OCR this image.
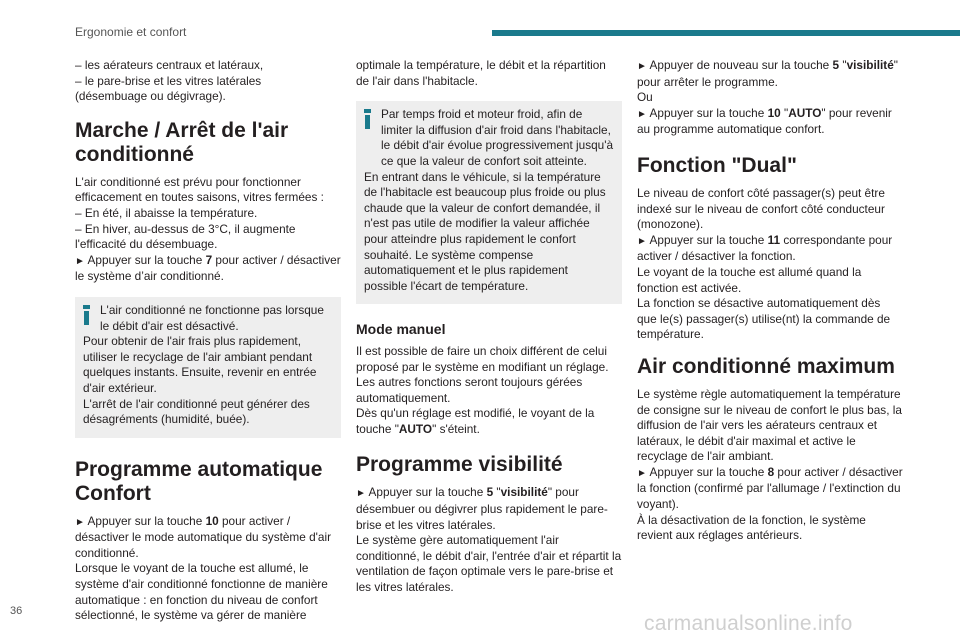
Ergonomie et confort

– les aérateurs centraux et latéraux,

– le pare-brise et les vitres latérales

(désembuage ou dégivrage).

Marche / Arrêt de l'air conditionné

L'air conditionné est prévu pour fonctionner efficacement en toutes saisons, vitres fermées :

– En été, il abaisse la température.

– En hiver, au-dessus de 3°C, il augmente l'efficacité du désembuage.

► Appuyer sur la touche 7 pour activer / désactiver le système d’air conditionné.

L'air conditionné ne fonctionne pas lorsque le débit d'air est désactivé.

Pour obtenir de l'air frais plus rapidement, utiliser le recyclage de l'air ambiant pendant quelques instants. Ensuite, revenir en entrée d'air extérieur.

L'arrêt de l'air conditionné peut générer des désagréments (humidité, buée).

Programme automatique Confort

► Appuyer sur la touche 10 pour activer / désactiver le mode automatique du système d'air conditionné.

Lorsque le voyant de la touche est allumé, le système d'air conditionné fonctionne de manière automatique : en fonction du niveau de confort sélectionné, le système va gérer de manière

optimale la température, le débit et la répartition de l'air dans l'habitacle.

Par temps froid et moteur froid, afin de limiter la diffusion d'air froid dans l'habitacle, le débit d'air évolue progressivement jusqu'à ce que la valeur de confort soit atteinte.

En entrant dans le véhicule, si la température de l'habitacle est beaucoup plus froide ou plus chaude que la valeur de confort demandée, il n'est pas utile de modifier la valeur affichée pour atteindre plus rapidement le confort souhaité. Le système compense automatiquement et le plus rapidement possible l'écart de température.

Mode manuel

Il est possible de faire un choix différent de celui proposé par le système en modifiant un réglage. Les autres fonctions seront toujours gérées automatiquement.

Dès qu'un réglage est modifié, le voyant de la touche "AUTO" s'éteint.

Programme visibilité

► Appuyer sur la touche 5 "visibilité" pour désembuer ou dégivrer plus rapidement le pare-brise et les vitres latérales.

Le système gère automatiquement l'air conditionné, le débit d'air, l'entrée d'air et répartit la ventilation de façon optimale vers le pare-brise et les vitres latérales.

► Appuyer de nouveau sur la touche 5 "visibilité" pour arrêter le programme.

Ou

► Appuyer sur la touche 10 "AUTO" pour revenir au programme automatique confort.

Fonction "Dual"

Le niveau de confort côté passager(s) peut être indexé sur le niveau de confort côté conducteur (monozone).

► Appuyer sur la touche 11 correspondante pour activer / désactiver la fonction.

Le voyant de la touche est allumé quand la fonction est activée.

La fonction se désactive automatiquement dès que le(s) passager(s) utilise(nt) la commande de température.

Air conditionné maximum

Le système règle automatiquement la température de consigne sur le niveau de confort le plus bas, la diffusion de l'air vers les aérateurs centraux et latéraux, le débit d'air maximal et active le recyclage de l'air ambiant.

► Appuyer sur la touche 8 pour activer / désactiver la fonction (confirmé par l'allumage / l'extinction du voyant).

À la désactivation de la fonction, le système revient aux réglages antérieurs.

36
carmanualsonline.info
